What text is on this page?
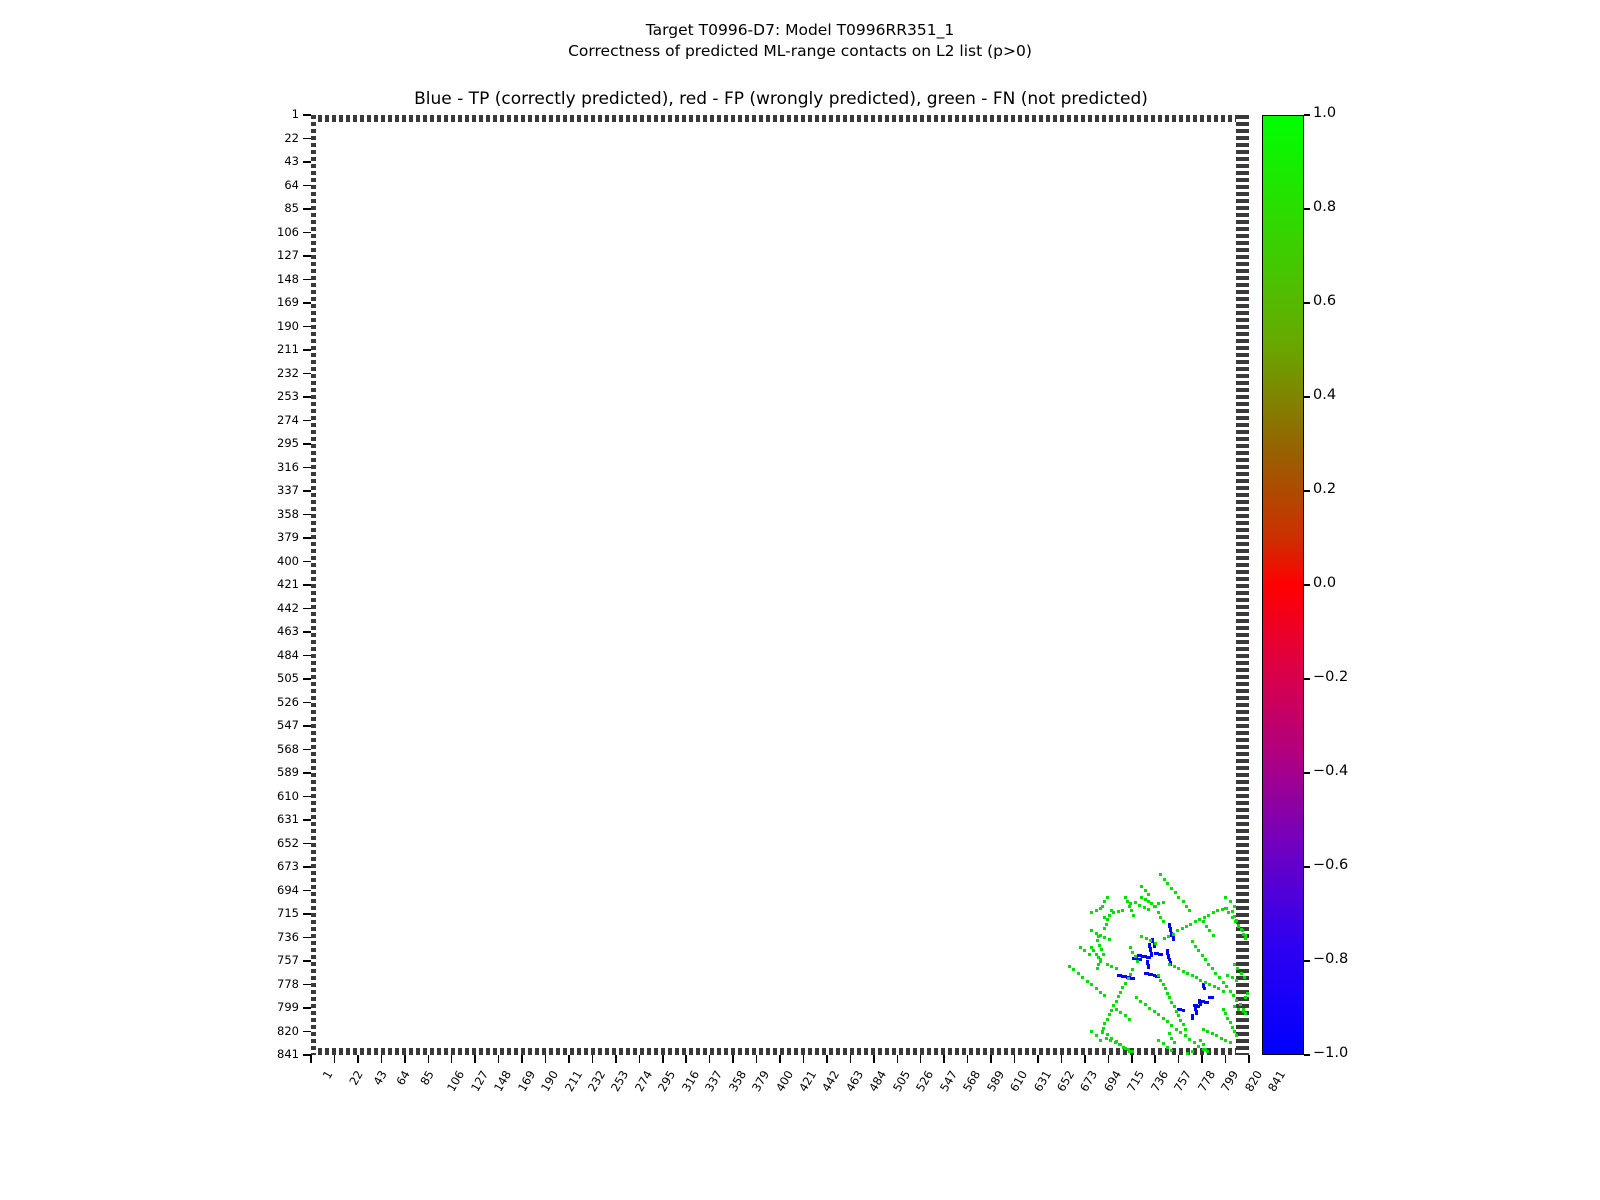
Target T0996-D7: Model T0996RR351_1
Correctness of predicted ML-range contacts on L2 list (p>0)
Blue - TP (correctly predicted), red - FP (wrongly predicted), green - FN (not predicted)
1
22
43
64
85
106
127
148
169
190
211
232
253
274
295
316
337
358
379
400
421
442
463
484
505
526
547
568
589
610
631
652
673
694
715
736
757
778
799
820
841
1 22 43 64 85 106 127 148 169 190 211 232 253 274 295 316 337 358 379 400 421 442 463 484 505 526 547 568 589 610 631 652 673 694 715 736 757 778 799 820 841
1.0
0.8
0.6
0.4
0.2
0.0
−0.2
−0.4
−0.6
−0.8
−1.0
